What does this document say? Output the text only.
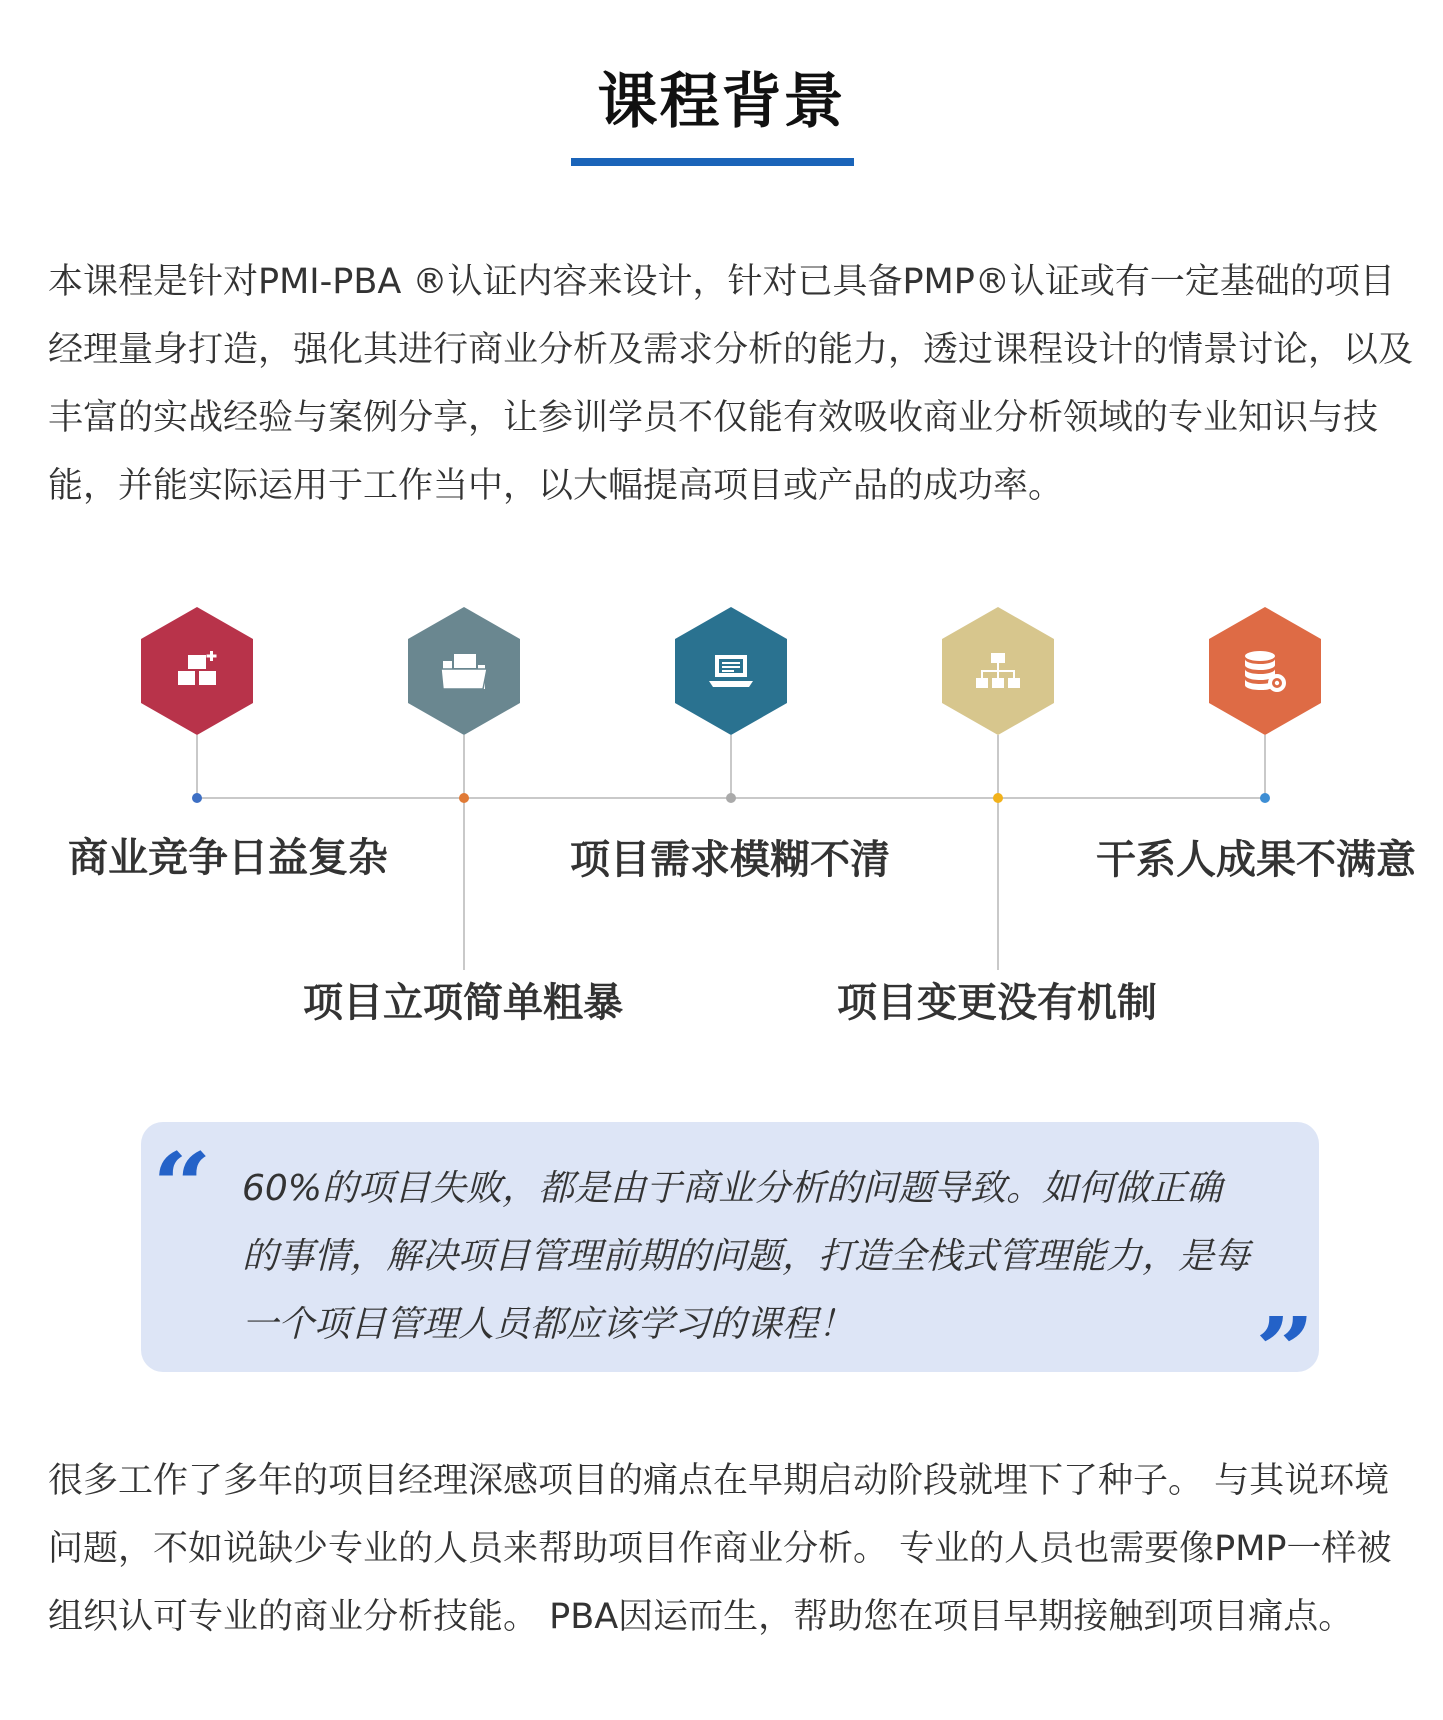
课程背景

本课程是针对PMI-PBA ®认证内容来设计，针对已具备PMP®认证或有一定基础的项目经理量身打造，强化其进行商业分析及需求分析的能力，透过课程设计的情景讨论，以及丰富的实战经验与案例分享，让参训学员不仅能有效吸收商业分析领域的专业知识与技能，并能实际运用于工作当中，以大幅提高项目或产品的成功率。

商业竞争日益复杂
项目立项简单粗暴
项目需求模糊不清
项目变更没有机制
干系人成果不满意
“ 60%的项目失败，都是由于商业分析的问题导致。如何做正确的事情，解决项目管理前期的问题，打造全栈式管理能力，是每一个项目管理人员都应该学习的课程！	”

很多工作了多年的项目经理深感项目的痛点在早期启动阶段就埋下了种子。 与其说环境问题，不如说缺少专业的人员来帮助项目作商业分析。 专业的人员也需要像PMP一样被组织认可专业的商业分析技能。 PBA因运而生，帮助您在项目早期接触到项目痛点。
